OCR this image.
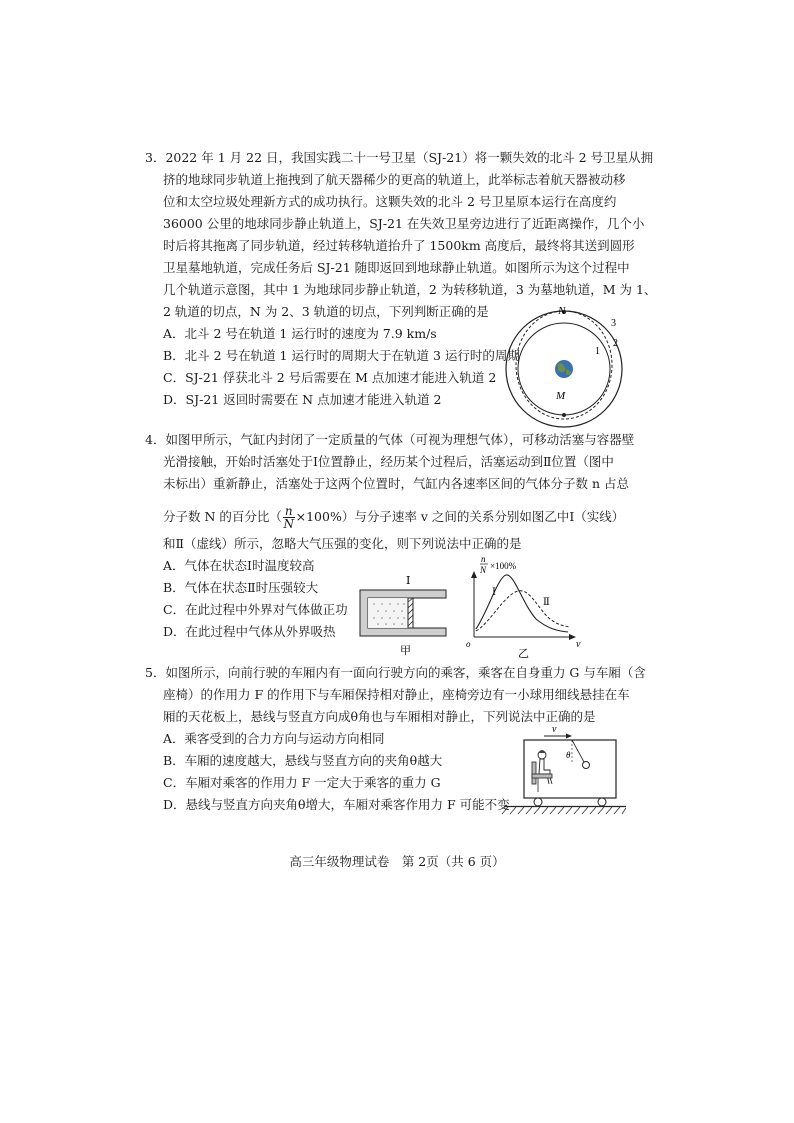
3．2022 年 1 月 22 日，我国实践二十一号卫星（SJ-21）将一颗失效的北斗 2 号卫星从拥
挤的地球同步轨道上拖拽到了航天器稀少的更高的轨道上，此举标志着航天器被动移
位和太空垃圾处理新方式的成功执行。这颗失效的北斗 2 号卫星原本运行在高度约
36000 公里的地球同步静止轨道上，SJ-21 在失效卫星旁边进行了近距离操作，几个小
时后将其拖离了同步轨道，经过转移轨道抬升了 1500km 高度后，最终将其送到圆形
卫星墓地轨道，完成任务后 SJ-21 随即返回到地球静止轨道。如图所示为这个过程中
几个轨道示意图，其中 1 为地球同步静止轨道，2 为转移轨道，3 为墓地轨道，M 为 1、
2 轨道的切点，N 为 2、3 轨道的切点，下列判断正确的是
A．北斗 2 号在轨道 1 运行时的速度为 7.9 km/s
B．北斗 2 号在轨道 1 运行时的周期大于在轨道 3 运行时的周期
C．SJ-21 俘获北斗 2 号后需要在 M 点加速才能进入轨道 2
D．SJ-21 返回时需要在 N 点加速才能进入轨道 2
N
M
1
2
3
4．如图甲所示，气缸内封闭了一定质量的气体（可视为理想气体），可移动活塞与容器壁
光滑接触，开始时活塞处于Ⅰ位置静止，经历某个过程后，活塞运动到Ⅱ位置（图中
未标出）重新静止，活塞处于这两个位置时，气缸内各速率区间的气体分子数 n 占总
分子数 N 的百分比（ $\frac{n}{N} \times 100\%$）与分子速率 v 之间的关系分别如图乙中Ⅰ（实线）
和Ⅱ（虚线）所示，忽略大气压强的变化，则下列说法中正确的是
A．气体在状态Ⅰ时温度较高
B．气体在状态Ⅱ时压强较大
C．在此过程中外界对气体做正功
D．在此过程中气体从外界吸热
Ⅰ
甲
n
N ×100%
o	v
Ⅰ
Ⅱ
乙
5．如图所示，向前行驶的车厢内有一面向行驶方向的乘客，乘客在自身重力 G 与车厢（含
座椅）的作用力 F 的作用下与车厢保持相对静止，座椅旁边有一小球用细线悬挂在车
厢的天花板上，悬线与竖直方向成θ角也与车厢相对静止，下列说法中正确的是
A．乘客受到的合力方向与运动方向相同
B．车厢的速度越大，悬线与竖直方向的夹角θ越大
C．车厢对乘客的作用力 F 一定大于乘客的重力 G
D．悬线与竖直方向夹角θ增大，车厢对乘客作用力 F 可能不变
v
θ
高三年级物理试卷　第 2页（共 6 页）
